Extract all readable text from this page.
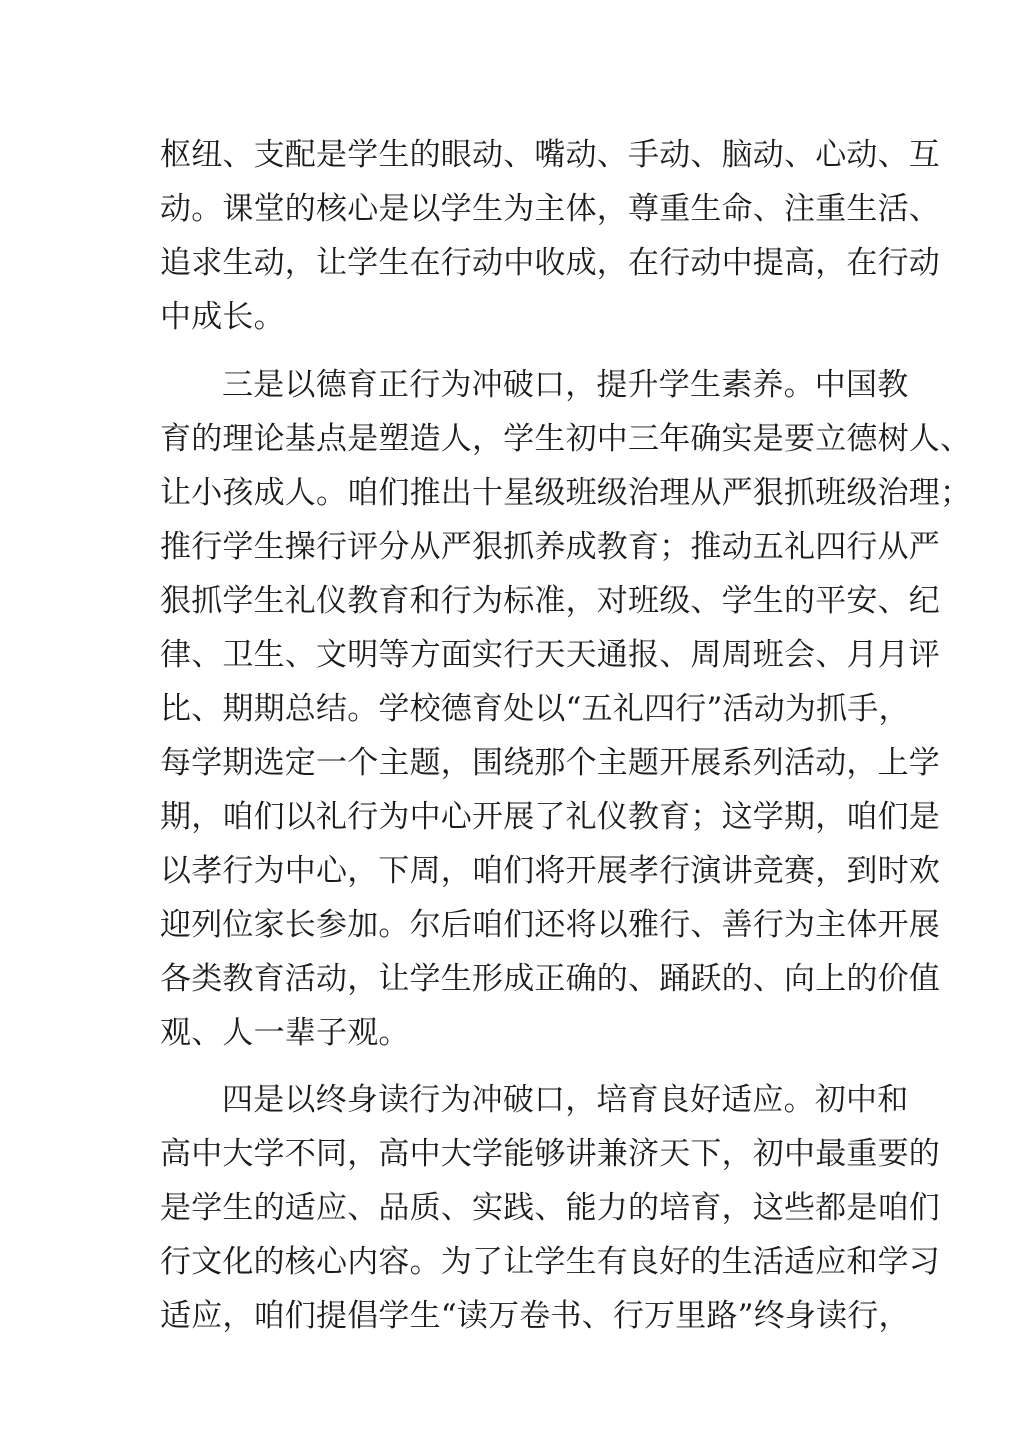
枢纽、支配是学生的眼动、嘴动、手动、脑动、心动、互

动。课堂的核心是以学生为主体，尊重生命、注重生活、

追求生动，让学生在行动中收成，在行动中提高，在行动

中成长。

三是以德育正行为冲破口，提升学生素养。中国教

育的理论基点是塑造人，学生初中三年确实是要立德树人、

让小孩成人。咱们推出十星级班级治理从严狠抓班级治理；

推行学生操行评分从严狠抓养成教育；推动五礼四行从严

狠抓学生礼仪教育和行为标准，对班级、学生的平安、纪

律、卫生、文明等方面实行天天通报、周周班会、月月评

比、期期总结。学校德育处以“五礼四行”活动为抓手，

每学期选定一个主题，围绕那个主题开展系列活动，上学

期，咱们以礼行为中心开展了礼仪教育；这学期，咱们是

以孝行为中心，下周，咱们将开展孝行演讲竞赛，到时欢

迎列位家长参加。尔后咱们还将以雅行、善行为主体开展

各类教育活动，让学生形成正确的、踊跃的、向上的价值

观、人一辈子观。

四是以终身读行为冲破口，培育良好适应。初中和

高中大学不同，高中大学能够讲兼济天下，初中最重要的

是学生的适应、品质、实践、能力的培育，这些都是咱们

行文化的核心内容。为了让学生有良好的生活适应和学习

适应，咱们提倡学生“读万卷书、行万里路”终身读行，
